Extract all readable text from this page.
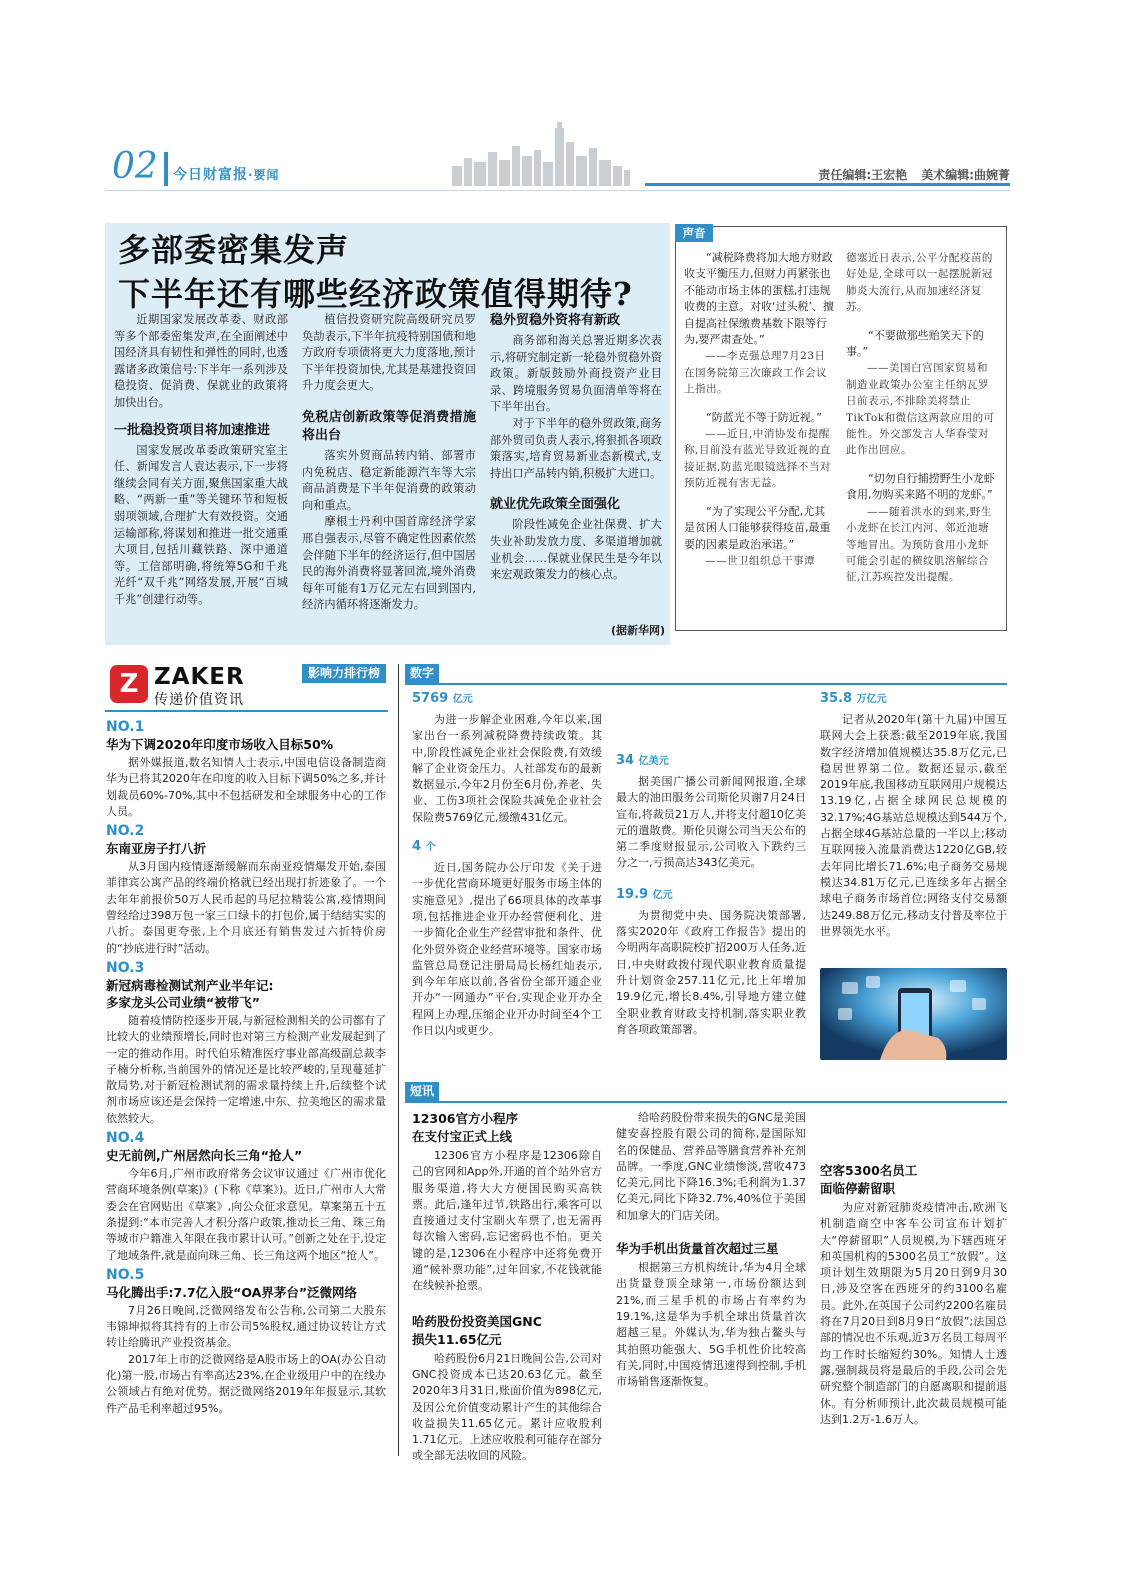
02	今日财富报·要闻	责任编辑:王宏艳 美术编辑:曲婉菁
多部委密集发声
下半年还有哪些经济政策值得期待?

近期国家发展改革委、财政部等多个部委密集发声,在全面阐述中国经济具有韧性和弹性的同时,也透露诸多政策信号:下半年一系列涉及稳投资、促消费、保就业的政策将加快出台。

一批稳投资项目将加速推进

国家发展改革委政策研究室主任、新闻发言人袁达表示,下一步将继续会同有关方面,聚焦国家重大战略、“两新一重”等关键环节和短板弱项领域,合理扩大有效投资。交通运输部称,将谋划和推进一批交通重大项目,包括川藏铁路、深中通道等。工信部明确,将统筹5G和千兆光纤“双千兆”网络发展,开展“百城千兆”创建行动等。

植信投资研究院高级研究员罗奂劼表示,下半年抗疫特别国债和地方政府专项债将更大力度落地,预计下半年投资加快,尤其是基建投资回升力度会更大。

免税店创新政策等促消费措施将出台

落实外贸商品转内销、部署市内免税店、稳定新能源汽车等大宗商品消费是下半年促消费的政策动向和重点。

摩根士丹利中国首席经济学家邢自强表示,尽管不确定性因素依然会伴随下半年的经济运行,但中国居民的海外消费将显著回流,境外消费每年可能有1万亿元左右回到国内,经济内循环将逐渐发力。

稳外贸稳外资将有新政

商务部和海关总署近期多次表示,将研究制定新一轮稳外贸稳外资政策。新版鼓励外商投资产业目录、跨境服务贸易负面清单等将在下半年出台。

对于下半年的稳外贸政策,商务部外贸司负责人表示,将狠抓各项政策落实,培育贸易新业态新模式,支持出口产品转内销,积极扩大进口。

就业优先政策全面强化

阶段性减免企业社保费、扩大失业补助发放力度、多渠道增加就业机会……保就业保民生是今年以来宏观政策发力的核心点。

(据新华网)
声音

“减税降费将加大地方财政收支平衡压力,但财力再紧张也不能动市场主体的蛋糕,打违规收费的主意。对收‘过头税’、擅自提高社保缴费基数下限等行为,要严肃查处。”

——李克强总理7月23日在国务院第三次廉政工作会议上指出。

“防蓝光不等于防近视。”

——近日,中消协发布提醒称,目前没有蓝光导致近视的直接证据,防蓝光眼镜选择不当对预防近视有害无益。

“为了实现公平分配,尤其是贫困人口能够获得疫苗,最重要的因素是政治承诺。”

——世卫组织总干事谭

德塞近日表示,公平分配疫苗的好处是,全球可以一起摆脱新冠肺炎大流行,从而加速经济复苏。

“不要做那些贻笑天下的事。”

——美国白宫国家贸易和制造业政策办公室主任纳瓦罗日前表示,不排除美将禁止TikTok和微信这两款应用的可能性。外交部发言人华春莹对此作出回应。

“切勿自行捕捞野生小龙虾食用,勿购买来路不明的龙虾。”

——随着洪水的到来,野生小龙虾在长江内河、邻近池塘等地冒出。为预防食用小龙虾可能会引起的横纹肌溶解综合征,江苏疾控发出提醒。

Z ZAKER
传递价值资讯
影响力排行榜
NO.1
华为下调2020年印度市场收入目标50%

据外媒报道,数名知情人士表示,中国电信设备制造商华为已将其2020年在印度的收入目标下调50%之多,并计划裁员60%-70%,其中不包括研发和全球服务中心的工作人员。

NO.2
东南亚房子打八折

从3月国内疫情逐渐缓解而东南亚疫情爆发开始,泰国菲律宾公寓产品的终端价格就已经出现打折迹象了。一个去年年前报价50万人民币起的马尼拉精装公寓,疫情期间曾经给过398万包一家三口绿卡的打包价,属于结结实实的八折。泰国更夸张,上个月底还有销售发过六折特价房的“抄底进行时”活动。

NO.3
新冠病毒检测试剂产业半年记:
多家龙头公司业绩“被带飞”

随着疫情防控逐步开展,与新冠检测相关的公司都有了比较大的业绩预增长,同时也对第三方检测产业发展起到了一定的推动作用。时代伯乐精准医疗事业部高级副总裁李子楠分析称,当前国外的情况还是比较严峻的,呈现蔓延扩散局势,对于新冠检测试剂的需求量持续上升,后续整个试剂市场应该还是会保持一定增速,中东、拉美地区的需求量依然较大。

NO.4
史无前例,广州居然向长三角“抢人”

今年6月,广州市政府常务会议审议通过《广州市优化营商环境条例(草案)》(下称《草案》)。近日,广州市人大常委会在官网贴出《草案》,向公众征求意见。草案第五十五条提到:“本市完善人才积分落户政策,推动长三角、珠三角等城市户籍准入年限在我市累计认可。”创新之处在于,设定了地域条件,就是面向珠三角、长三角这两个地区“抢人”。

NO.5
马化腾出手:7.7亿入股“OA界茅台”泛微网络

7月26日晚间,泛微网络发布公告称,公司第二大股东韦锦坤拟将其持有的上市公司5%股权,通过协议转让方式转让给腾讯产业投资基金。

2017年上市的泛微网络是A股市场上的OA(办公自动化)第一股,市场占有率高达23%,在企业级用户中的在线办公领域占有绝对优势。据泛微网络2019年年报显示,其软件产品毛利率超过95%。

数字
5769 亿元

为进一步解企业困难,今年以来,国家出台一系列减税降费持续政策。其中,阶段性减免企业社会保险费,有效缓解了企业资金压力。人社部发布的最新数据显示,今年2月份至6月份,养老、失业、工伤3项社会保险共减免企业社会保险费5769亿元,缓缴431亿元。

4 个

近日,国务院办公厅印发《关于进一步优化营商环境更好服务市场主体的实施意见》,提出了66项具体的改革事项,包括推进企业开办经营便利化、进一步简化企业生产经营审批和条件、优化外贸外资企业经营环境等。国家市场监管总局登记注册局局长杨红灿表示,到今年年底以前,各省份全部开通企业开办“一网通办”平台,实现企业开办全程网上办理,压缩企业开办时间至4个工作日以内或更少。

34 亿美元

据美国广播公司新闻网报道,全球最大的油田服务公司斯伦贝谢7月24日宣布,将裁员21万人,并将支付超10亿美元的遣散费。斯伦贝谢公司当天公布的第二季度财报显示,公司收入下跌约三分之一,亏损高达343亿美元。

19.9 亿元

为贯彻党中央、国务院决策部署,落实2020年《政府工作报告》提出的今明两年高职院校扩招200万人任务,近日,中央财政拨付现代职业教育质量提升计划资金257.11亿元,比上年增加19.9亿元,增长8.4%,引导地方建立健全职业教育财政支持机制,落实职业教育各项政策部署。

35.8 万亿元

记者从2020年(第十九届)中国互联网大会上获悉:截至2019年底,我国数字经济增加值规模达35.8万亿元,已稳居世界第二位。数据还显示,截至2019年底,我国移动互联网用户规模达13.19亿,占据全球网民总规模的32.17%;4G基站总规模达到544万个,占据全球4G基站总量的一半以上;移动互联网接入流量消费达1220亿GB,较去年同比增长71.6%;电子商务交易规模达34.81万亿元,已连续多年占据全球电子商务市场首位;网络支付交易额达249.88万亿元,移动支付普及率位于世界领先水平。

短讯
12306官方小程序
在支付宝正式上线

12306官方小程序是12306除自己的官网和App外,开通的首个站外官方服务渠道,将大大方便国民购买高铁票。此后,逢年过节,铁路出行,乘客可以直接通过支付宝刷火车票了,也无需再每次输入密码,忘记密码也不怕。更关键的是,12306在小程序中还将免费开通“候补票功能”,过年回家,不花钱就能在线候补抢票。

哈药股份投资美国GNC
损失11.65亿元

哈药股份6月21日晚间公告,公司对GNC投资成本已达20.63亿元。截至2020年3月31日,账面价值为898亿元,及因公允价值变动累计产生的其他综合收益损失11.65亿元。累计应收股利1.71亿元。上述应收股利可能存在部分或全部无法收回的风险。

给哈药股份带来损失的GNC是美国健安喜控股有限公司的简称,是国际知名的保健品、营养品等膳食营养补充剂品牌。一季度,GNC业绩惨淡,营收473亿美元,同比下降16.3%;毛利润为1.37亿美元,同比下降32.7%,40%位于美国和加拿大的门店关闭。

华为手机出货量首次超过三星

根据第三方机构统计,华为4月全球出货量登顶全球第一,市场份额达到21%,而三星手机的市场占有率约为19.1%,这是华为手机全球出货量首次超越三星。外媒认为,华为独占鳌头与其拍照功能强大、5G手机性价比较高有关,同时,中国疫情迅速得到控制,手机市场销售逐渐恢复。

空客5300名员工
面临停薪留职

为应对新冠肺炎疫情冲击,欧洲飞机制造商空中客车公司宣布计划扩大“停薪留职”人员规模,为下辖西班牙和英国机构的5300名员工“放假”。这项计划生效期限为5月20日到9月30日,涉及空客在西班牙的约3100名雇员。此外,在英国子公司约2200名雇员将在7月20日到8月9日“放假”;法国总部的情况也不乐观,近3万名员工每周平均工作时长缩短约30%。知情人士透露,强制裁员将是最后的手段,公司会先研究整个制造部门的自愿离职和提前退休。有分析师预计,此次裁员规模可能达到1.2万-1.6万人。
